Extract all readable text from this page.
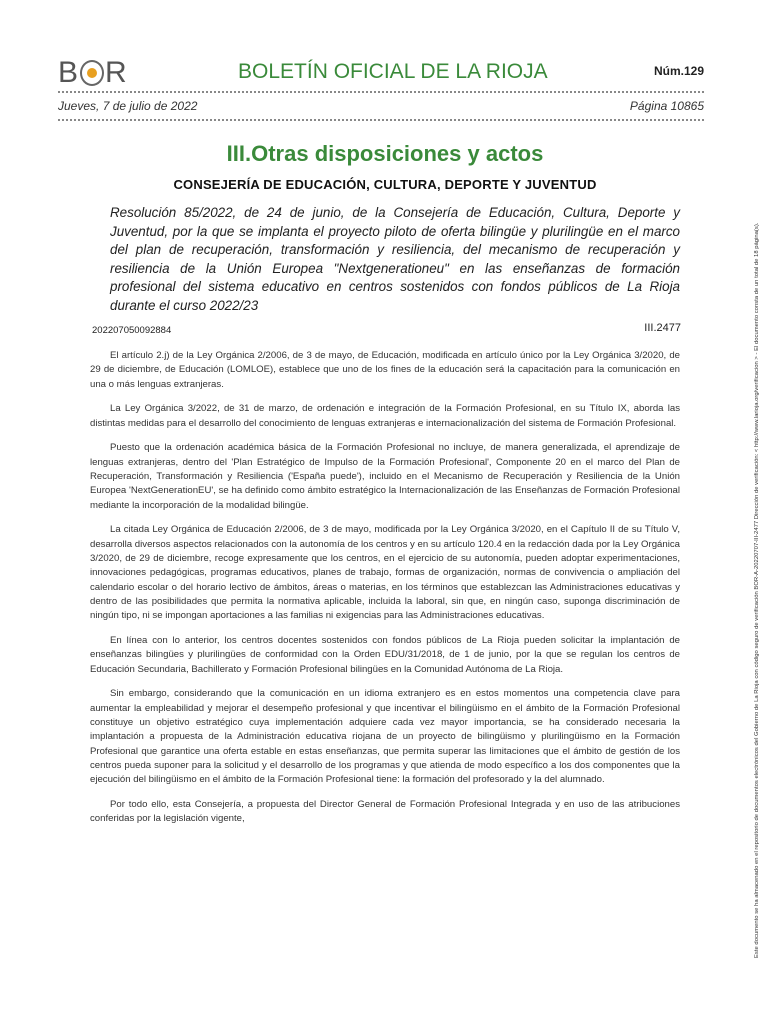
B R	BOLETÍN OFICIAL DE LA RIOJA	Núm.129
Jueves, 7 de julio de 2022	Página 10865
III.Otras disposiciones y actos
CONSEJERÍA DE EDUCACIÓN, CULTURA, DEPORTE Y JUVENTUD
Resolución 85/2022, de 24 de junio, de la Consejería de Educación, Cultura, Deporte y Juventud, por la que se implanta el proyecto piloto de oferta bilingüe y plurilingüe en el marco del plan de recuperación, transformación y resiliencia, del mecanismo de recuperación y resiliencia de la Unión Europea "Nextgenerationeu" en las enseñanzas de formación profesional del sistema educativo en centros sostenidos con fondos públicos de La Rioja durante el curso 2022/23
202207050092884	III.2477

El artículo 2.j) de la Ley Orgánica 2/2006, de 3 de mayo, de Educación, modificada en artículo único por la Ley Orgánica 3/2020, de 29 de diciembre, de Educación (LOMLOE), establece que uno de los fines de la educación será la capacitación para la comunicación en una o más lenguas extranjeras.

La Ley Orgánica 3/2022, de 31 de marzo, de ordenación e integración de la Formación Profesional, en su Título IX, aborda las distintas medidas para el desarrollo del conocimiento de lenguas extranjeras e internacionalización del sistema de Formación Profesional.

Puesto que la ordenación académica básica de la Formación Profesional no incluye, de manera generalizada, el aprendizaje de lenguas extranjeras, dentro del 'Plan Estratégico de Impulso de la Formación Profesional', Componente 20 en el marco del Plan de Recuperación, Transformación y Resiliencia ('España puede'), incluido en el Mecanismo de Recuperación y Resiliencia de la Unión Europea 'NextGenerationEU', se ha definido como ámbito estratégico la Internacionalización de las Enseñanzas de Formación Profesional mediante la incorporación de la modalidad bilingüe.

La citada Ley Orgánica de Educación 2/2006, de 3 de mayo, modificada por la Ley Orgánica 3/2020, en el Capítulo II de su Título V, desarrolla diversos aspectos relacionados con la autonomía de los centros y en su artículo 120.4 en la redacción dada por la Ley Orgánica 3/2020, de 29 de diciembre, recoge expresamente que los centros, en el ejercicio de su autonomía, pueden adoptar experimentaciones, innovaciones pedagógicas, programas educativos, planes de trabajo, formas de organización, normas de convivencia o ampliación del calendario escolar o del horario lectivo de ámbitos, áreas o materias, en los términos que establezcan las Administraciones educativas y dentro de las posibilidades que permita la normativa aplicable, incluida la laboral, sin que, en ningún caso, suponga discriminación de ningún tipo, ni se impongan aportaciones a las familias ni exigencias para las Administraciones educativas.

En línea con lo anterior, los centros docentes sostenidos con fondos públicos de La Rioja pueden solicitar la implantación de enseñanzas bilingües y plurilingües de conformidad con la Orden EDU/31/2018, de 1 de junio, por la que se regulan los centros de Educación Secundaria, Bachillerato y Formación Profesional bilingües en la Comunidad Autónoma de La Rioja.

Sin embargo, considerando que la comunicación en un idioma extranjero es en estos momentos una competencia clave para aumentar la empleabilidad y mejorar el desempeño profesional y que incentivar el bilingüismo en el ámbito de la Formación Profesional constituye un objetivo estratégico cuya implementación adquiere cada vez mayor importancia, se ha considerado necesaria la implantación a propuesta de la Administración educativa riojana de un proyecto de bilingüismo y plurilingüismo en la Formación Profesional que garantice una oferta estable en estas enseñanzas, que permita superar las limitaciones que el ámbito de gestión de los centros pueda suponer para la solicitud y el desarrollo de los programas y que atienda de modo específico a los dos componentes que la ejecución del bilingüismo en el ámbito de la Formación Profesional tiene: la formación del profesorado y la del alumnado.

Por todo ello, esta Consejería, a propuesta del Director General de Formación Profesional Integrada y en uso de las atribuciones conferidas por la legislación vigente,	Este documento se ha almacenado en el repositorio de documentos electrónicos del Gobierno de La Rioja con código seguro de verificación BOR-A-20220707-III-2477 Dirección de verificación: < http://www.larioja.org/verificacion > - El documento consta de un total de 18 página(s).
